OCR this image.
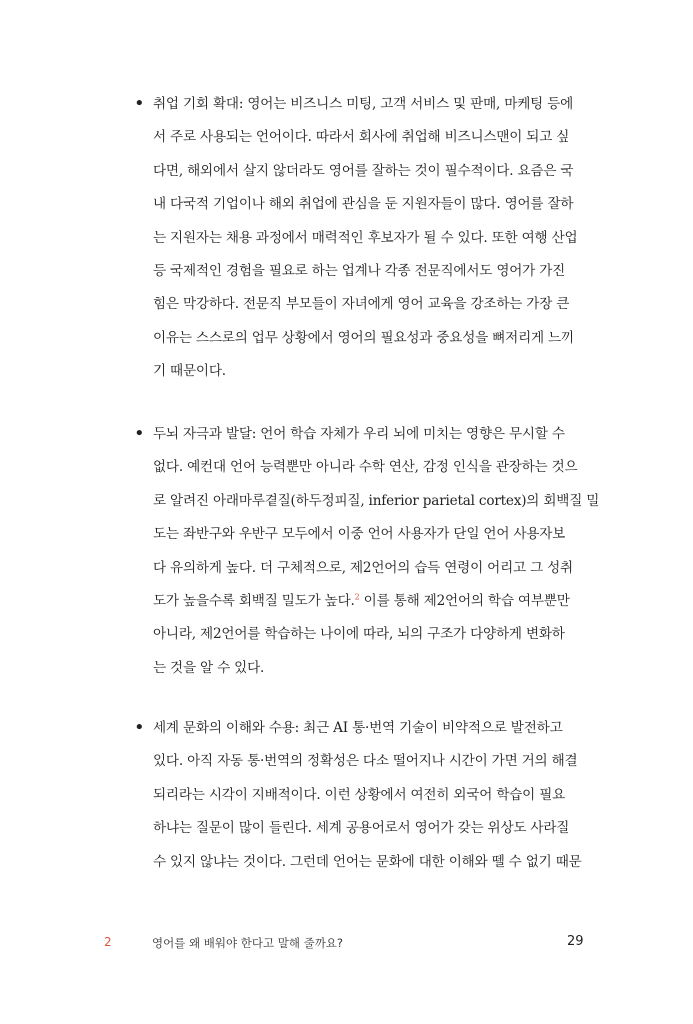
• 취업 기회 확대: 영어는 비즈니스 미팅, 고객 서비스 및 판매, 마케팅 등에
서 주로 사용되는 언어이다. 따라서 회사에 취업해 비즈니스맨이 되고 싶
다면, 해외에서 살지 않더라도 영어를 잘하는 것이 필수적이다. 요즘은 국
내 다국적 기업이나 해외 취업에 관심을 둔 지원자들이 많다. 영어를 잘하
는 지원자는 채용 과정에서 매력적인 후보자가 될 수 있다. 또한 여행 산업
등 국제적인 경험을 필요로 하는 업계나 각종 전문직에서도 영어가 가진
힘은 막강하다. 전문직 부모들이 자녀에게 영어 교육을 강조하는 가장 큰
이유는 스스로의 업무 상황에서 영어의 필요성과 중요성을 뼈저리게 느끼
기 때문이다.
• 두뇌 자극과 발달: 언어 학습 자체가 우리 뇌에 미치는 영향은 무시할 수
없다. 예컨대 언어 능력뿐만 아니라 수학 연산, 감정 인식을 관장하는 것으
로 알려진 아래마루곁질(하두정피질, inferior parietal cortex)의 회백질 밀
도는 좌반구와 우반구 모두에서 이중 언어 사용자가 단일 언어 사용자보
다 유의하게 높다. 더 구체적으로, 제2언어의 습득 연령이 어리고 그 성취
도가 높을수록 회백질 밀도가 높다.$^2$ 이를 통해 제2언어의 학습 여부뿐만
아니라, 제2언어를 학습하는 나이에 따라, 뇌의 구조가 다양하게 변화하
는 것을 알 수 있다.
• 세계 문화의 이해와 수용: 최근 AI 통·번역 기술이 비약적으로 발전하고
있다. 아직 자동 통·번역의 정확성은 다소 떨어지나 시간이 가면 거의 해결
되리라는 시각이 지배적이다. 이런 상황에서 여전히 외국어 학습이 필요
하냐는 질문이 많이 들린다. 세계 공용어로서 영어가 갖는 위상도 사라질
수 있지 않냐는 것이다. 그런데 언어는 문화에 대한 이해와 뗄 수 없기 때문
2	영어를 왜 배워야 한다고 말해 줄까요?	29
